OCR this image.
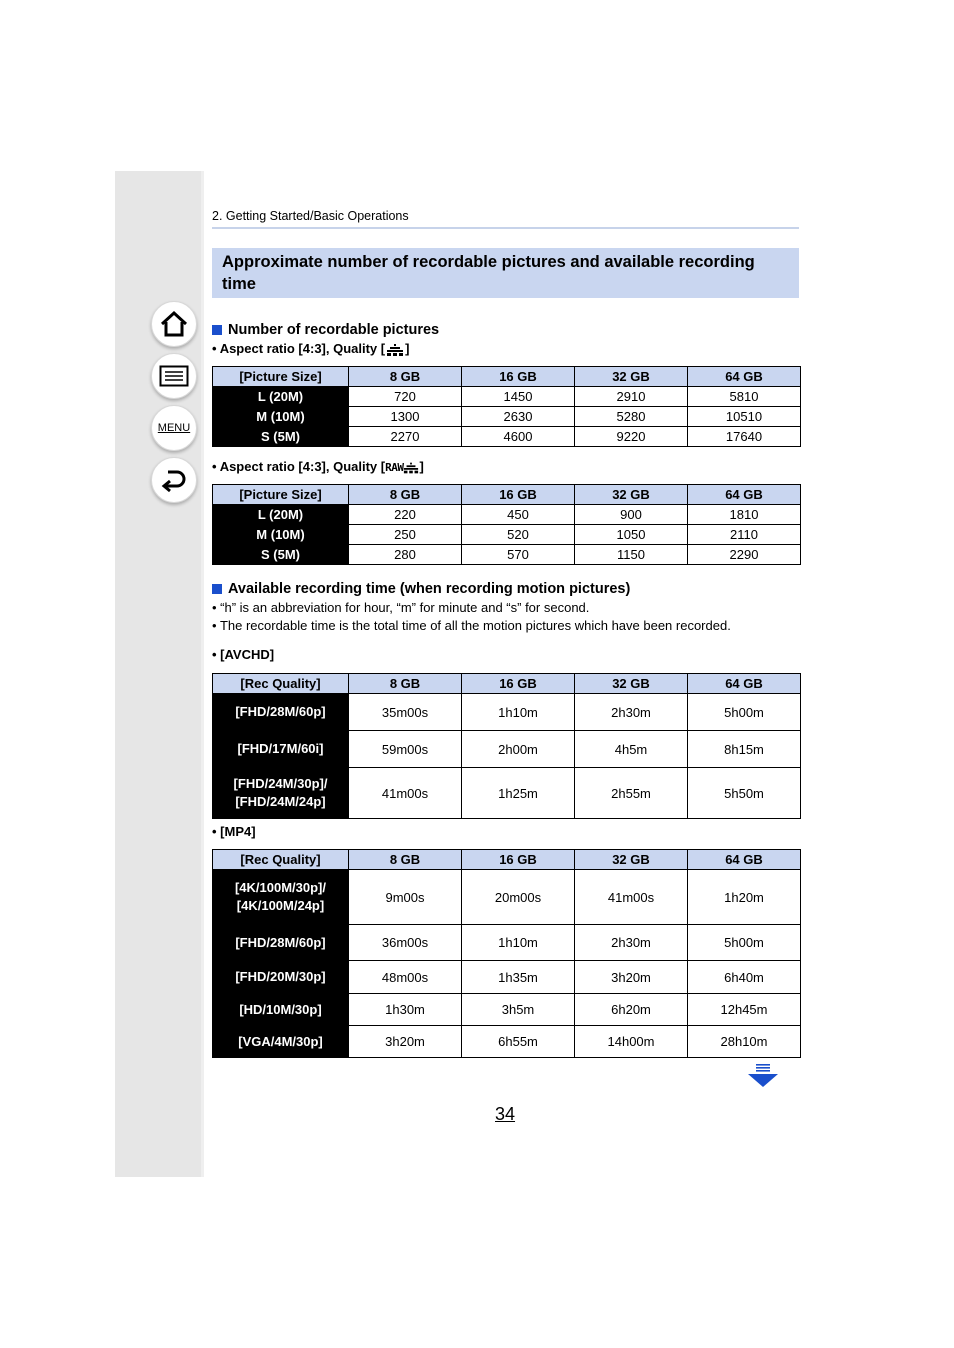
MENU
2. Getting Started/Basic Operations
Approximate number of recordable pictures and available recording time
Number of recordable pictures
• Aspect ratio [4:3], Quality [ ]
[Picture Size]	8 GB	16 GB	32 GB	64 GB
L (20M)	720	1450	2910	5810
M (10M)	1300	2630	5280	10510
S (5M)	2270	4600	9220	17640
• Aspect ratio [4:3], Quality [ RAW ]
[Picture Size]	8 GB	16 GB	32 GB	64 GB
L (20M)	220	450	900	1810
M (10M)	250	520	1050	2110
S (5M)	280	570	1150	2290
Available recording time (when recording motion pictures)
• “h” is an abbreviation for hour, “m” for minute and “s” for second.
• The recordable time is the total time of all the motion pictures which have been recorded.
• [AVCHD]
[Rec Quality]	8 GB	16 GB	32 GB	64 GB
[FHD/28M/60p]	35m00s	1h10m	2h30m	5h00m
[FHD/17M/60i]	59m00s	2h00m	4h5m	8h15m
[FHD/24M/30p]/
[FHD/24M/24p]	41m00s	1h25m	2h55m	5h50m
• [MP4]
[Rec Quality]	8 GB	16 GB	32 GB	64 GB
[4K/100M/30p]/
[4K/100M/24p]	9m00s	20m00s	41m00s	1h20m
[FHD/28M/60p]	36m00s	1h10m	2h30m	5h00m
[FHD/20M/30p]	48m00s	1h35m	3h20m	6h40m
[HD/10M/30p]	1h30m	3h5m	6h20m	12h45m
[VGA/4M/30p]	3h20m	6h55m	14h00m	28h10m
34
